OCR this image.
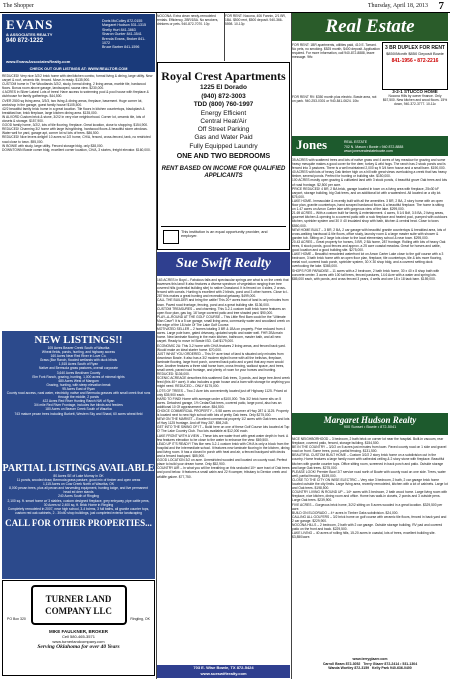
The Shopper	Thursday, April 18, 2013 7
EVANS
& ASSOCIATES REALTY
940 872-1222
www.EvansAssociatesRealty.com
Doris McCulley 872-0155
Margaret Hudson 531-1315
Shelly Hurt 841-3863
Sharon Gunter 841-3541
Brenda Evans, Broker 841-1072
Bruce Barber 841-1596
CHECK OUT OUR LISTINGS AT: WWW.REALTOR.COM
REDUCED! Very nice 3/2/2 brick home with den/kitchen combo, formal living & dining, large utility. New carpet & roof, ceramic tile, fenced. Move-in ready. $135,900.
CUSTOM home in The Woodlands 3/2/2, study, formal dining, 2 living areas, marble tile, hardwood floors. Bonus room above garage, landscaped, sauna view. $230,000.
4 ACRES in Silver Lakes! Lots of trees! Have access to swimming pool & pool house with fireplace & clubhouse for family gatherings. $44,500.
OVER 2500 sq living area, 3/3/3, two living & dining areas, fireplace, basement. Huge corner lot, workshop in the garage, guest family house! $105,500.
42/2 beautiful family brick home in a great location. Tile floors in kitchen countertops, blackplash & breakfast bar, brick fireplace, large kitchen dining area. $135,000.
IN ALVORD Custom brick & stone, 3/2/2 in very nice neighborhood. Corner lot, ceramic tile, lots of closets & storage. $157,900.
GOOD family home, 3/2/2, lots of tile flooring, fireplace. Great location, close to shopping. $154,900.
REDUCED! Charming 3/2 home with large living/dining, hardwood floors & beautiful storm windows. Water well for yard, garage apt, corner lot w/ lots of trees. $86,500.
REDUCED! Nice levers delight! 10 acres w/ 2/2 home, CH/A, fenced, cross-fenced, tank, no restricted road close to town. $95,000.
IN BOWIE with study, large utility. Fenced storage bldg. only $38,000.
DOWNTOWN Bowie comm bldg, excellent corner location, CH/A, 3 stories, freight elevator. $160,000.
NEW LISTINGS!!
105 Acres Beaver Creek South of Waurika
Wheat fields, ponds, hunting, and highway access
160 Acres Near Red River in Love Co.
Grass (Bar Ranch, flooded wetlands with duck blinds
1,515 Acres South of Ryan
Native and Bermuda grass pastures, overall corporate
3,640 Acres Beckham County
Elm Fork Ranch, grazing, hunting, 1,000 acres of mineral rights
480 Acres West of Mangum
Grazing, hunting, with steep elevation break
95 Acres East of Ryan
County road access, rural water, electricity, native and Bermuda grasses with small creek that runs through the middle, 2 ponds
422 Acres Red River Hunting Ranch NW of Ryan
3/4 mile Red River Frontage, includes live blinds and feeders
180 Acres on Beaver Creek South of Waurika
743 mature pecan trees including Burkett, Western Sky and Shawl, 60 acres wheat field
PARTIAL LISTINGS AVAILABLE
80 Acres SE of Lake Murray in OK
11 ponds, wooded draw, Bermuda grass pasture, good mix of timber and open areas
1,115 Acres on Cow Creek North of Waurika, OK
8,000 pecan trees, plus ail pecan and harvesting equipment, hunting lodge, and live permanent head ed deer stands
240 Acres South of Ringling
2,100 sq. ft. smart home w/ 3 stables, custom designed fireplace, grey entryway, pipe cattle pens, 30 Acres w/ 2,400 sq. ft. Brick Home in Ringling
Completely remodeled in 2007, near high school, 3-4 bdrms, 3 full baths, all granite counter tops, custom red oak cabinets, 2 - 30x40 shop buildings, just completed exterior landscaping
CALL FOR OTHER PROPERTIES...
TURNER LAND COMPANY LLC
PO Box 320	Ringling, OK
MIKE FAULKNER, BROKER
Cell 580-465-3571
www.turnerlandcompany.com
Serving Oklahoma for over 40 Years
NOCONA: Extra clean newly-remodeled rentals. Efficiency, 2BR/1BA. No smokers, drinkers or pets. 940-872-7070. 10p
FOR RENT: Nocona, 406 Fannin, 2/1 BR, 1BA. $500 rent, $500 deposit. 940-366-5598. 10-13p
Royal Crest Apartments
1225 El Dorado
(940) 872-3003
TDD (800) 760-1997
Energy Efficient
Central Heat/Air
Off Street Parking
Gas and Water Paid
Fully Equipped Laundry
ONE AND TWO BEDROOMS
RENT BASED ON INCOME FOR QUALIFIED APPLICANTS
This institution is an equal opportunity provider, and employer.
Sue Swift Realty
163 ACRES in Boyd – Fabulous falls and spectacular springs are what is on the creek that traverses this land! It also features a diverse spectrum of vegetation ranging from tree covered hills (potential building site) to native Grassland. It is fenced on 4 sides, 2 cross-fenced with corrals. Hunting is excellent with 2 blinds, pond and 3 other homes. Close to I-287 this makes a great hunting and recreational getaway. $499,000.
CALL THE BUILDER and bring the cattle! This 20+ acres tract of land is only minutes from town. Paved road frontage, fencing, pond and a great building site. $136,000.
CUSTOM TREASURES – and charming. This 3-2-1 custom built brick home features an open floor plan, gas log, 16' large covered patio and tree shaded yard. $90,000.
PLAY–A–ROUND AT THE GOLF COURSE – This Little Red Barn could be the "Ultimate Man Cave"! It is a 5 car garage, small living area, community water and woodland creek on the edge of the 18-hole Of The Lake Golf Course.
MOTIVATED SELLER – 2 homes totaling 3 BR & 1BA on property. Price reduced from 4 acres. Large pole barn, gated driveway, updated septic and water well. FHR 2BA main home. New laminate flooring in the main kitchen, bathroom, master bath, and all new carpet. Ready to move in! Bowie ISD. Call $179,000.
ECONOMIC 2A: This 3-2 home with CH/A features 2 living areas, and fenced back yard. Would make an ideal starter home. $70,000.
JUST WHAT YOU ORDERED – This 5+ acre tract of land is situated only minutes from downtown Bowie. It also has a 3/2 modern styled home with all the bells/ws, fireplace, laminate flooring, large front porch, covered back patio and a yard that any mom would love. Another features a three stall horse barn, cross fencing, walkout space, and trees, small creek, paved road frontage, and plenty of room for your horses and hunting. REDUCED: $136,000.
SCENIC ACREAGE describes this scattered Oak trees, 3 ponds, and large tree-lined creek feed (this 40+ acre). It also includes a grain house and a barn with storage for anything you might need. REDUCED – ONLY $175,000.
LOTS OF TREES – Two 2 Acre lots conveniently located just off Highway 1125. Priced at only $35,900 each.
HARD TO FIND! Home with acreage under a $100,000. This 3/2 brick home sits on 5 acres. Detached garage, 1½ Cedar/Oak trees, covered patio, large pond, also has an additional 10 Of appraisement value. $54,500.
CHOICE COMMERCIAL PROPERTY – 9.58 acres on corner of Hwy 287 & 1125. Property is located next to new high school with lots of pretty Oak trees. Only $275,000.
NEW ON THE MARKET – Excellent commercial property 1/2 acres with Oak trees and lots of Hwy 1125 frontage. And off Hwy 287. $98,245.
GET INTO THE SWING OF IT – Build here on one of these Golf Course lots located at Top O' The Lake Country Club. Two lots available at $12,000 each.
LAKE FRONT WITH A VIEW – These lots are water front with great water depth in front. A few features elevation to be close to the water to enhance the view. $69,500.
LEAD UP IT'S READY! This like new 3-2-1 custom brick with CH/A is only a block from the hospital and the Intermediate school. It features new laminate flooring in the kitchen, dining and living room. It has a closed in porch with heat and air, a fenced backyard with decks and a fenced backyard. $85,900.
GOOD LOCATION 3/2 on acre. Unrestricted wooded and located on county road. Perfect place to build your dream home. Only $52,900.
COUNTRY AIR – In what you will be breathing on this secluded 10+ acre tract of Oak trees and pond below. It features a small cabin and 22 ft camper, tributary to Denton creek and wildlife galore. $77,750.
703 E. Wise Bowie, TX 872-5424
www.sueswiftrealty.com
Real Estate
FOR RENT: 1BR apartments, utilities paid, 410 E. Tarrant. No pets, no smoking. $525 month, $400 deposit. Application required. For more information, call 940-872-8888, leave message. 9tfc
3 BR DUPLEX FOR RENT
$850/Month $850 Deposit Bowie
841-1956 • 872-2216
FOR RENT RV: $350 month plus electric. Bowie area, not on park. 940-253-0301 or 940-841-0624. 10tc
3-2-1 STUCCO HOME
Nocona Hills by owner finance. Only $67,500. New kitchen and wood floors. 15% down, 940-372-3777. 10-11c
Jones	REAL ESTATE
702 N. Mason • Bowie • 940 872-8888
www.jonesrealestatebowie.com
35 ACRES with scattered trees and lots of native grass and 4 acres of hay meadow for grazing and some heavy mesquite makes a good cover for the deer, turkey & wild hogs. The ranch has 2 stock ponds and is fenced into 3 pastures. There is a well maintained 2,000 sq ft 3/4 farm house and a small barn. $190,000.
40 ACRES with lots of heavy Oak timber high on a hill with great views overlooking a creek that has heavy timber, several ponds. Perfect for hunting or building site. $150,000.
100 ACRES mostly open grazing & cultivated land with 3 stock ponds, 4 beautiful grove Oak trees and lots of road frontage. $2,500 per acre.
PRICE REDUCED! 4 BR, 2 BA brick, garage located in town on a living area with fireplace, 25x30 kF carport, storage building, big Oak trees, and an additional lot with a watershed. All located on a city lot. $75,000.
LAKE HOME- Immaculate & recently built with all the amenities. 3 BR, 2 BA, 2 story home with an open floor plan, granite countertops, hand scraped hardwood floors & a beautiful fireplace. The home is sitting on 1.47 acres on Amon Carter lake with gorgeous view of the lake. $299,000.
21.69 ACRES – With a custom built for family & entertainment. 4 acres, 5 1/4 Bdf, 3.5 BA, 2 living areas, gourmet kitchen & opening to a covered patio with a rock fireplace and heated pool, pumped with outdoors kitchen, sprinkler system and 30 X 40 insulated shop with bath, kitchen & central heat. Close to town. $550,000.
NEW HOME BUILT – 3 BR, 2 BA, 2 car garage with beautiful granite countertops & breakfast area, lots of cross-walking hardwood & tile floors, office study, laundry room & a large master suite with shower & garden tub. Sitting on 2 large lots close to the local elementary school & near town. $295,000.
20.43 ACRES – Great property for horses, 3 BR, 2 BA home, 287 frontage. Rolling with lots of heavy Oak trees, 6 stock ponds, good fences and approx. a 25 acre coastal meadow. Great for horses and cattle, good location and a good building site. $275,000.
LAKE HOME – Beautiful remodeled waterfront lot on Amon Carter Lake close to the golf course with a 3 bedroom, 3 bath brick home with an open floor plan, fireplace, tile countertops, tile & lots more flooring, metal roof, covered back porch, sprinkler system, 30 X 30 shop bldg, and a covered setting dock overlooking the lake. $365,000.
SHOPS FOR PARADISE – 11 acres with a 2 bedroom, 2 bath brick home, 30 x 40 x 8 shop bath with concrete center. 3 acres with 100 tall trees, fenced pastures, 14.6 Acre with a water and spring lots. $85,000 each, with ponds, and cross fenced 3 years, 4 wells and one 18 x 18 tack barn. $159,000.
Margaret Hudson Realty
900 Sunset • Bowie • 872-5041
NICE NEIGHBORHOOD – 3 bedroom, 2 bath brick on corner lot near the hospital. Built-in vacuum, rear fireplace, covered patio, fenced, storage building. $154,500.
BE IN THE COUNTRY – 3/2/2 on 5 acres just minutes from town. Paved county road on 1 side and gravel road on front. Some trees, pond, partial fencing. $131,500.
BEAUTIFUL CUSTOM BUILT HOME – Custom 3/2/2 2 story brick home on a subdivision out in the country. Home features a large family room with cathedral ceiling & 2 story stone with fireplace. Beautiful kitchen with granite counter tops. Office sitting room, screened in back porch and patio. Outside storage and large Oak trees. $275,000.
PLEASE LOOK! Premier Bow! 2/7 service road north of Bowie with county road on one side. Trees, water well, partial fencing. $159,000.
CLOSE TO THE CITY ON WISE ELECTRIC – Very nice 3 bedroom, 2 bath, 2 car garage brick home located outside the city limits. Large living area, recently remodeled, kitchen with a lot of cabinets. Large lot and Oak trees. $198,500.
COUNTRY LIVING IN ROUND UP – 14+ acres with 3 bedroom, 2 bath wood home. Large living room with fireplace, nice kitchen, dining room and office. Home has walk-in closets, 2 ponds and 3 outside pens. Large Oak trees. $239,900.
FIVE ACRES – Gorgeous brick home, 3/2/2 sitting on 5 acres wooded in a great location. $329,500 per acre.
BUILD ON ELDORADO – 4+ acres in Timber Oaks subdivision. $24,000.
CALLING ALL GOLFERS – 3/2 brick home on golf course with ceramic tile floors, fenced in back yard and 2 car garage. $229,900.
NOCONA HILLS – 2 bedroom, 2 bath with 2 car garage. Outside storage building, RV pad and covered patio on the front and back. $229,500.
LAKE LIVING – 40 acres of rolling hills, 15-20 acres in coastal, lots of trees, excellent building site. $3,850/acre.
www.terryglazer.com
Carroll Beam 872-3052   Terry Glazer 872-2414 • 531-1304
Wanda Wortley 872-3159   Kelly Park 940-636-0400
